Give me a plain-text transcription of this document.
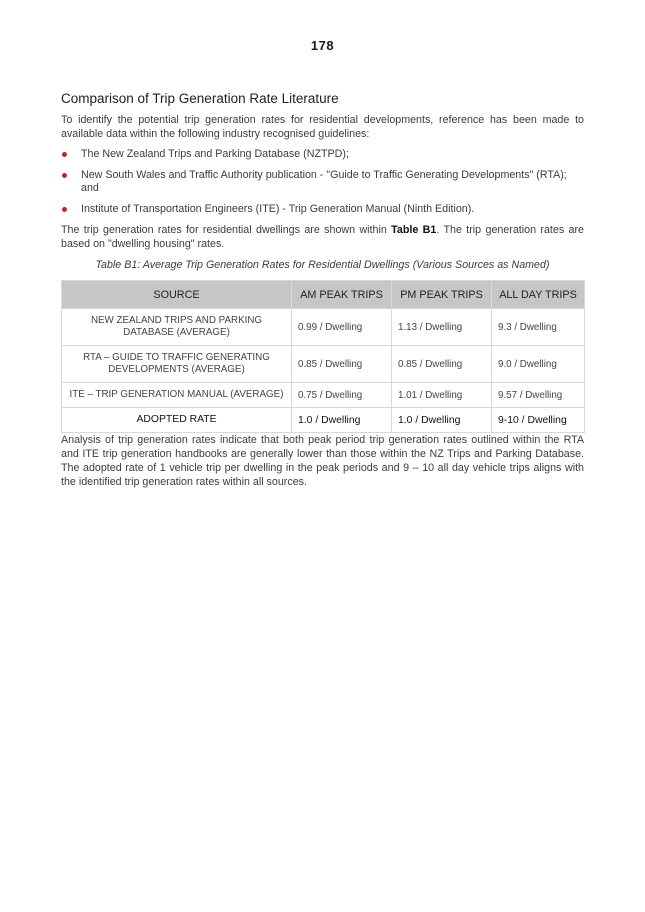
178
Comparison of Trip Generation Rate Literature

To identify the potential trip generation rates for residential developments, reference has been made to available data within the following industry recognised guidelines:

The New Zealand Trips and Parking Database (NZTPD);
New South Wales and Traffic Authority publication - "Guide to Traffic Generating Developments" (RTA); and
Institute of Transportation Engineers (ITE) - Trip Generation Manual (Ninth Edition).

The trip generation rates for residential dwellings are shown within Table B1. The trip generation rates are based on "dwelling housing" rates.

Table B1: Average Trip Generation Rates for Residential Dwellings (Various Sources as Named)
SOURCE	AM PEAK TRIPS	PM PEAK TRIPS	ALL DAY TRIPS
NEW ZEALAND TRIPS AND PARKING DATABASE (AVERAGE)	0.99 / Dwelling	1.13 / Dwelling	9.3 / Dwelling
RTA – GUIDE TO TRAFFIC GENERATING DEVELOPMENTS (AVERAGE)	0.85 / Dwelling	0.85 / Dwelling	9.0 / Dwelling
ITE – TRIP GENERATION MANUAL (AVERAGE)	0.75 / Dwelling	1.01 / Dwelling	9.57 / Dwelling
ADOPTED RATE	1.0 / Dwelling	1.0 / Dwelling	9-10 / Dwelling

Analysis of trip generation rates indicate that both peak period trip generation rates outlined within the RTA and ITE trip generation handbooks are generally lower than those within the NZ Trips and Parking Database. The adopted rate of 1 vehicle trip per dwelling in the peak periods and 9 – 10 all day vehicle trips aligns with the identified trip generation rates within all sources.
